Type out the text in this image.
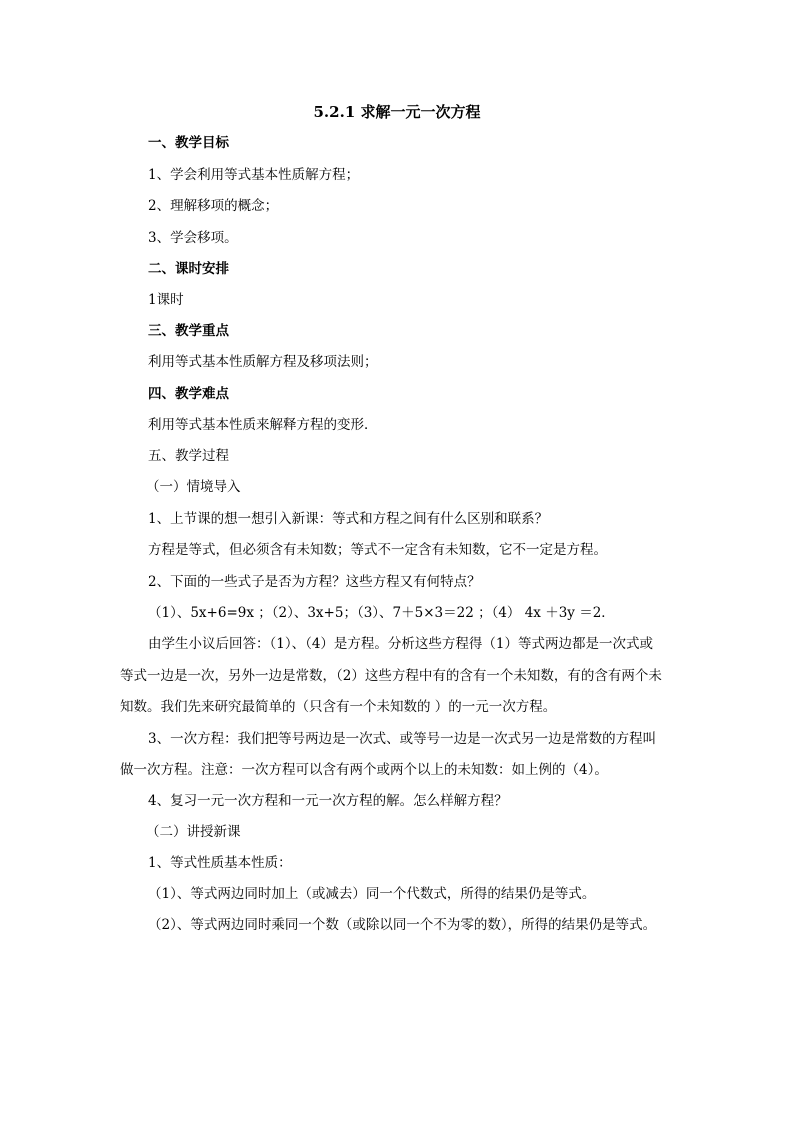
5.2.1 求解一元一次方程
一、教学目标
1、学会利用等式基本性质解方程；
2、理解移项的概念；
3、学会移项。
二、课时安排
1课时
三、教学重点
利用等式基本性质解方程及移项法则；
四、教学难点
利用等式基本性质来解释方程的变形．
五、教学过程
（一）情境导入
1、上节课的想一想引入新课：等式和方程之间有什么区别和联系？
方程是等式，但必须含有未知数；等式不一定含有未知数，它不一定是方程。
2、下面的一些式子是否为方程？这些方程又有何特点？
（1）、5x+6=9x ；（2）、3x+5；（3）、7＋5×3＝22 ；（4） 4x ＋3y ＝2．
由学生小议后回答：（1）、（4）是方程。分析这些方程得（1）等式两边都是一次式或
等式一边是一次，另外一边是常数，（2）这些方程中有的含有一个未知数，有的含有两个未
知数。我们先来研究最简单的（只含有一个未知数的 ）的一元一次方程。
3、一次方程：我们把等号两边是一次式、或等号一边是一次式另一边是常数的方程叫
做一次方程。注意：一次方程可以含有两个或两个以上的未知数：如上例的（4）。
4、复习一元一次方程和一元一次方程的解。怎么样解方程？
（二）讲授新课
1、等式性质基本性质：
（1）、等式两边同时加上（或减去）同一个代数式，所得的结果仍是等式。
（2）、等式两边同时乘同一个数（或除以同一个不为零的数），所得的结果仍是等式。
